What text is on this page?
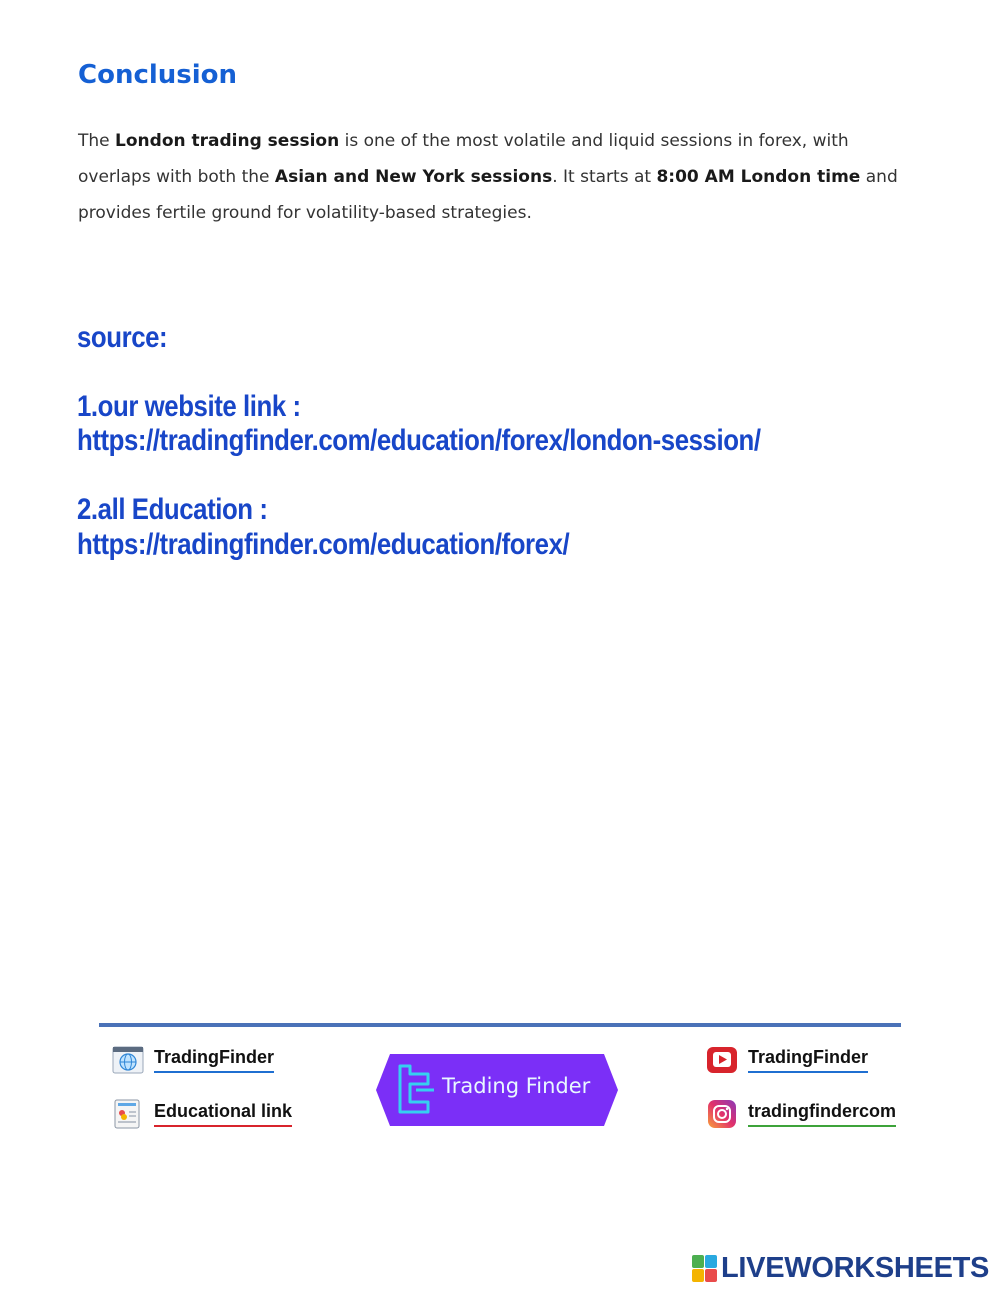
Conclusion

The London trading session is one of the most volatile and liquid sessions in forex, with overlaps with both the Asian and New York sessions. It starts at 8:00 AM London time and provides fertile ground for volatility-based strategies.

source:
1.our website link :
https://tradingfinder.com/education/forex/london-session/
2.all Education :
https://tradingfinder.com/education/forex/
TradingFinder
Educational link
Trading Finder
TradingFinder
tradingfindercom
LIVEWORKSHEETS
